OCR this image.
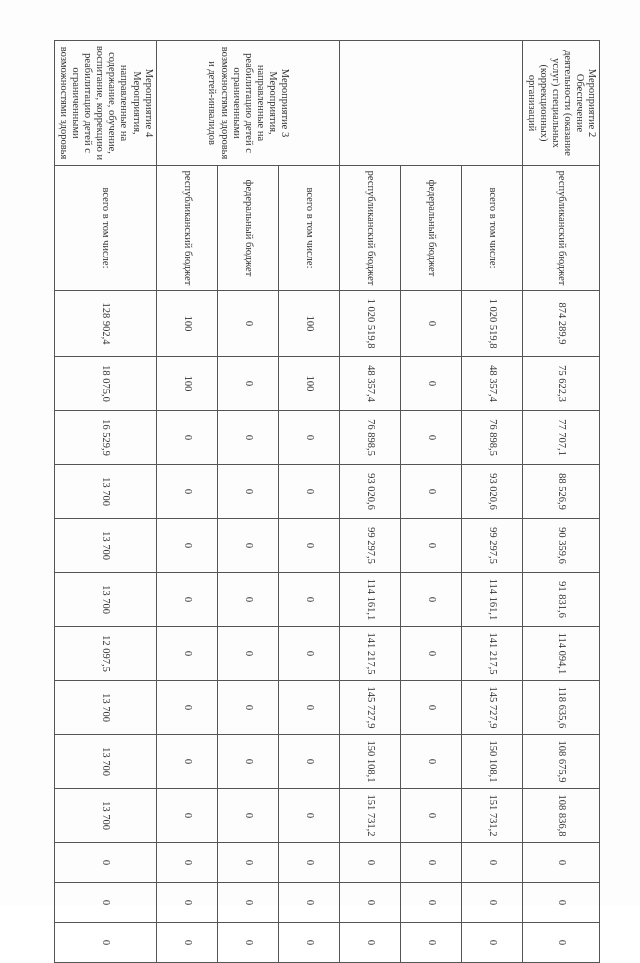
Мероприятие 2 Обеспечение деятельности (оказание услуг) специальных (коррекционных) организаций	республиканский бюджет	874 289,9	75 622,3	77 707,1	88 526,9	90 359,6	91 831,6	114 094,1	118 635,6	108 675,9	108 836,8	0	0	0
	всего в том числе:	1 020 519,8	48 357,4	76 898,5	93 020,6	99 297,5	114 161,1	141 217,5	145 727,9	150 108,1	151 731,2	0	0	0
	федеральный бюджет	0	0	0	0	0	0	0	0	0	0	0	0	0
	республиканский бюджет	1 020 519,8	48 357,4	76 898,5	93 020,6	99 297,5	114 161,1	141 217,5	145 727,9	150 108,1	151 731,2	0	0	0
Мероприятие 3 Мероприятия, направленные на реабилитацию детей с ограниченными возможностями здоровья и детей-инвалидов	всего в том числе:	100	100	0	0	0	0	0	0	0	0	0	0	0
	федеральный бюджет	0	0	0	0	0	0	0	0	0	0	0	0	0
	республиканский бюджет	100	100	0	0	0	0	0	0	0	0	0	0	0
Мероприятие 4 Мероприятия, направленные на содержание, обучение, воспитание, коррекцию и реабилитацию детей с ограниченными возможностями здоровья	всего в том числе:	128 902,4	18 075,0	16 529,9	13 700	13 700	13 700	12 097,5	13 700	13 700	13 700	0	0	0
